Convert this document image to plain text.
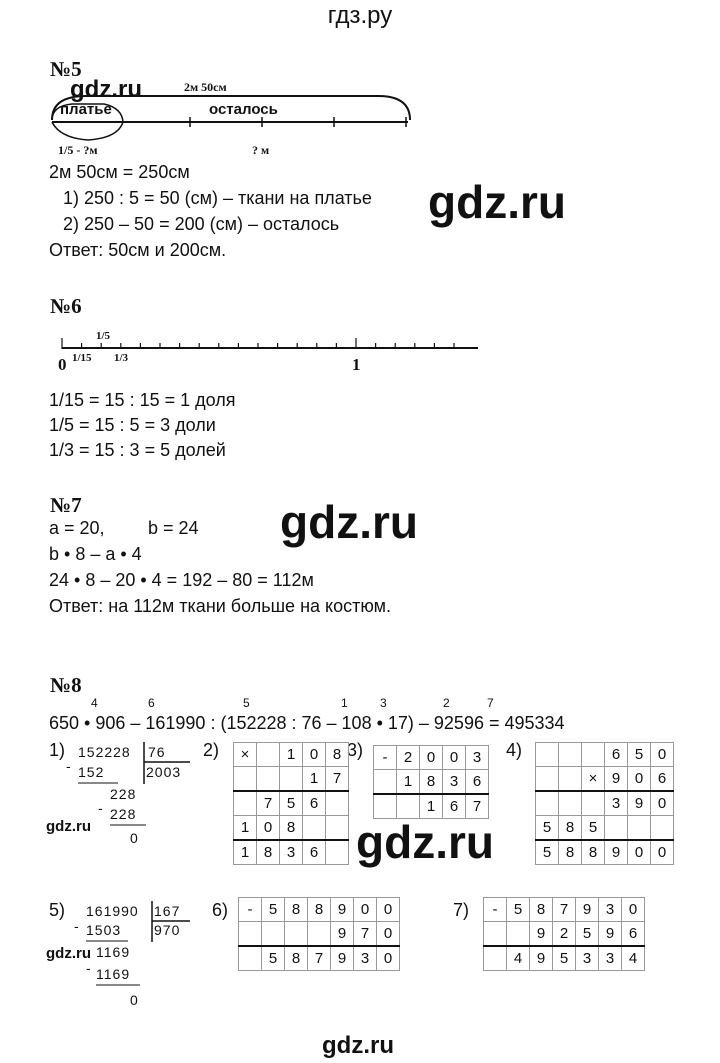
гдз.ру
№5
gdz.ru	2м 50см
платье	осталось
1/5 - ?м	? м
2м 50см = 250см
1) 250 : 5 = 50 (см) – ткани на платье
2) 250 – 50 = 200 (см) – осталось
Ответ: 50см и 200см.
gdz.ru
№6
1/5
1/15 1/3
0	1
1/15 = 15 : 15 = 1 доля
1/5 = 15 : 5 = 3 доли
1/3 = 15 : 3 = 5 долей
№7
a = 20, b = 24
b • 8 – a • 4
24 • 8 – 20 • 4 = 192 – 80 = 112м
Ответ: на 112м ткани больше на костюм.
gdz.ru
№8
4	6	5	1	3	2	7
650 • 906 – 161990 : (152228 : 76 – 108 • 17) – 92596 = 495334
1) 152228 76
2003
- 152
228
- 228
0
5) 161990 167
970
- 1503
1169
- 1169
0
gdz.ru
gdz.ru
2)	3)	4)
6)	7)
×		1	0	8
			1	7
	7	5	6	
1	0	8		
1	8	3	6	
-	2	0	0	3
	1	8	3	6
		1	6	7
			6	5	0
		×	9	0	6
			3	9	0
5	8	5			
5	8	8	9	0	0
-	5	8	8	9	0	0
				9	7	0
	5	8	7	9	3	0
-	5	8	7	9	3	0
		9	2	5	9	6
	4	9	5	3	3	4
gdz.ru
gdz.ru
